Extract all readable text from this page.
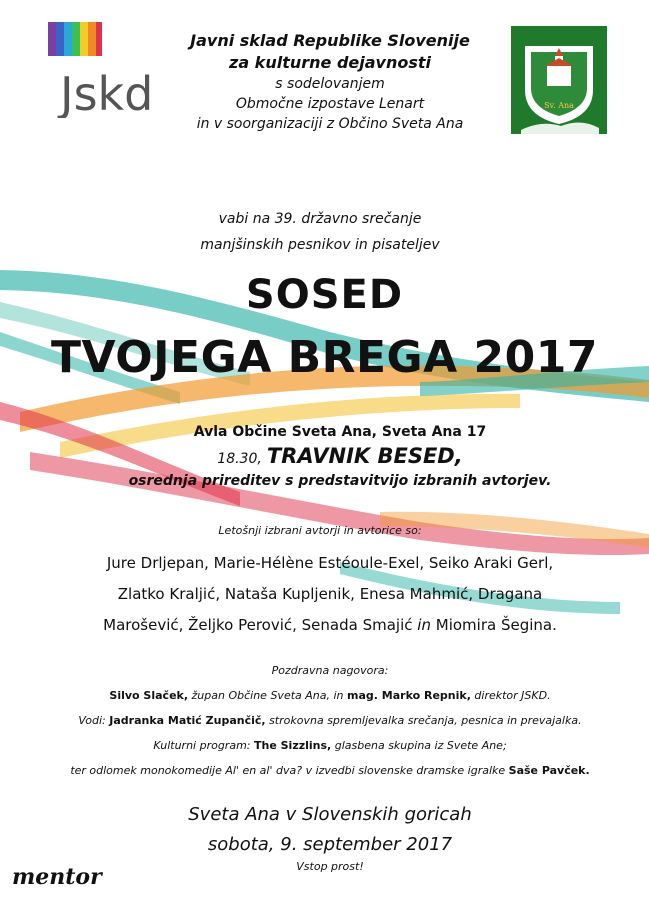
Jskd
Javni sklad Republike Slovenije
za kulturne dejavnosti
s sodelovanjem
Območne izpostave Lenart
in v soorganizaciji z Občino Sveta Ana
Sv. Ana
vabi na 39. državno srečanje
manjšinskih pesnikov in pisateljev
SOSED
TVOJEGA BREGA 2017
Avla Občine Sveta Ana, Sveta Ana 17
18.30, TRAVNIK BESED,
osrednja prireditev s predstavitvijo izbranih avtorjev.
Letošnji izbrani avtorji in avtorice so:
Jure Drljepan, Marie-Hélène Estéoule-Exel, Seiko Araki Gerl,
Zlatko Kraljić, Nataša Kupljenik, Enesa Mahmić, Dragana
Marošević, Željko Perović, Senada Smajić in Miomira Šegina.
Pozdravna nagovora:
Silvo Slaček, župan Občine Sveta Ana, in mag. Marko Repnik, direktor JSKD.
Vodi: Jadranka Matić Zupančič, strokovna spremljevalka srečanja, pesnica in prevajalka.
Kulturni program: The Sizzlins, glasbena skupina iz Svete Ane;
ter odlomek monokomedije Al' en al' dva? v izvedbi slovenske dramske igralke Saše Pavček.
Sveta Ana v Slovenskih goricah
sobota, 9. september 2017
Vstop prost!
mentor
